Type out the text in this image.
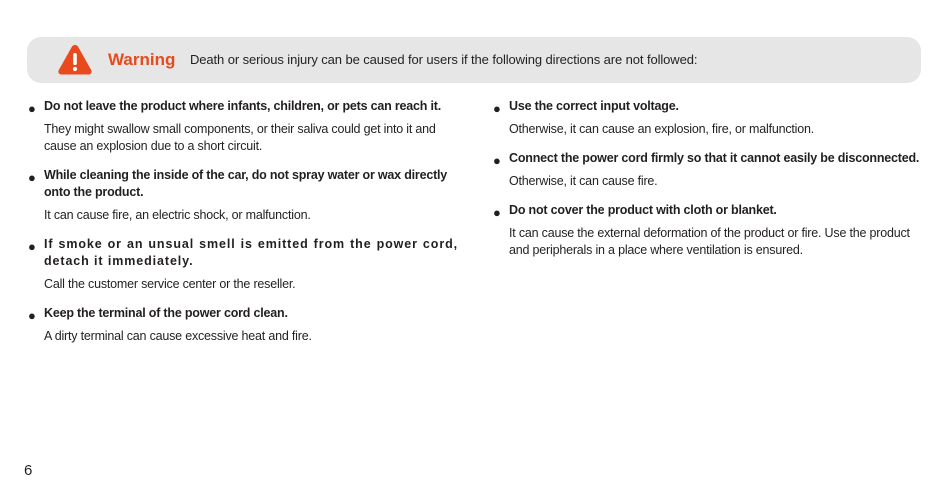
Warning Death or serious injury can be caused for users if the following directions are not followed:
● Do not leave the product where infants, children, or pets can reach it.
They might swallow small components, or their saliva could get into it and cause an explosion due to a short circuit.
● While cleaning the inside of the car, do not spray water or wax directly onto the product.
It can cause fire, an electric shock, or malfunction.
● If smoke or an unsual smell is emitted from the power cord, detach it immediately.
Call the customer service center or the reseller.
● Keep the terminal of the power cord clean.
A dirty terminal can cause excessive heat and fire.
● Use the correct input voltage.
Otherwise, it can cause an explosion, fire, or malfunction.
● Connect the power cord firmly so that it cannot easily be disconnected.
Otherwise, it can cause fire.
● Do not cover the product with cloth or blanket.
It can cause the external deformation of the product or fire. Use the product and peripherals in a place where ventilation is ensured.
6
